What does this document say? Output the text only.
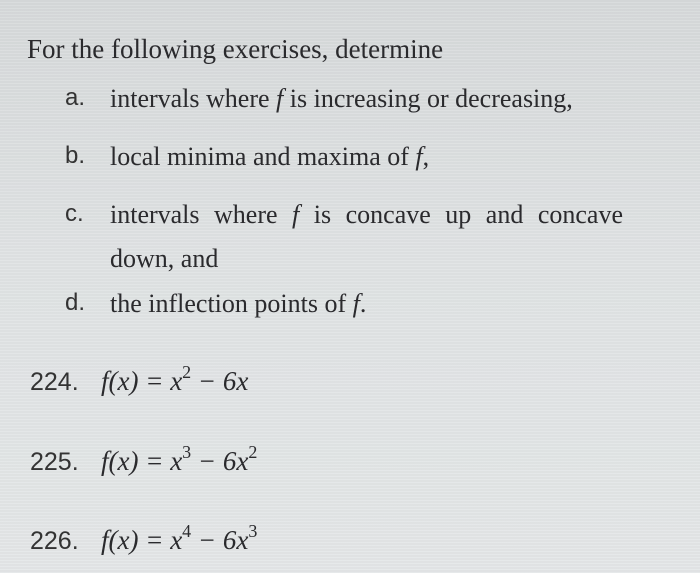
For the following exercises, determine
a. intervals where f is increasing or decreasing,
b. local minima and maxima of f,
c. intervals where f is concave up and concave
down, and
d. the inflection points of f.
224. $f(x) = x^2 - 6x$
225. $f(x) = x^3 - 6x^2$
226. $f(x) = x^4 - 6x^3$
